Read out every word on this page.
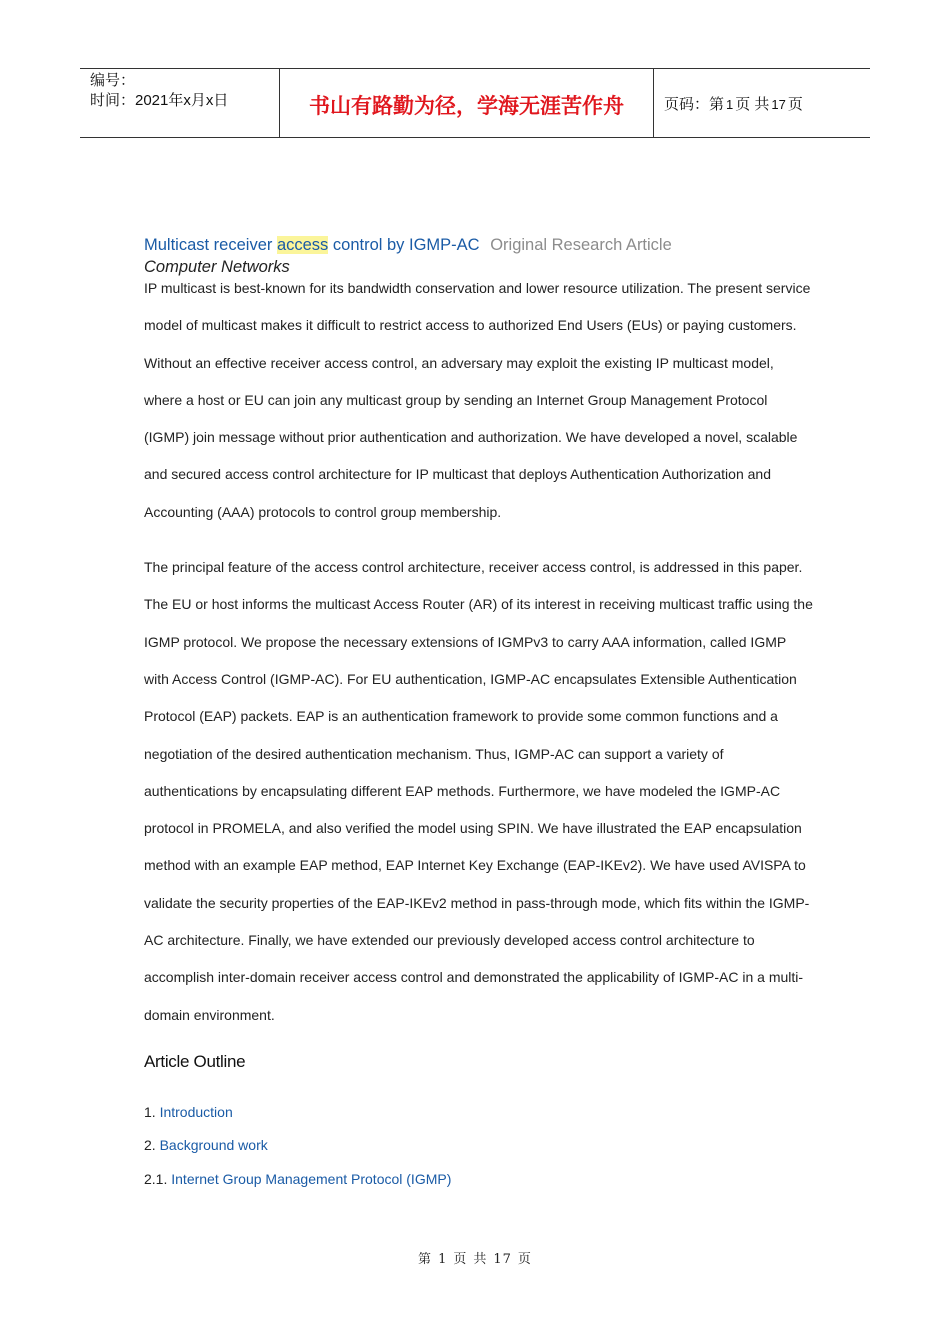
编号：
时间：2021年x月x日	书山有路勤为径，学海无涯苦作舟	页码：第 1 页 共 17 页
Multicast receiver access control by IGMP-AC Original Research Article
Computer Networks

IP multicast is best-known for its bandwidth conservation and lower resource utilization. The present service model of multicast makes it difficult to restrict access to authorized End Users (EUs) or paying customers. Without an effective receiver access control, an adversary may exploit the existing IP multicast model, where a host or EU can join any multicast group by sending an Internet Group Management Protocol (IGMP) join message without prior authentication and authorization. We have developed a novel, scalable and secured access control architecture for IP multicast that deploys Authentication Authorization and Accounting (AAA) protocols to control group membership.

The principal feature of the access control architecture, receiver access control, is addressed in this paper. The EU or host informs the multicast Access Router (AR) of its interest in receiving multicast traffic using the IGMP protocol. We propose the necessary extensions of IGMPv3 to carry AAA information, called IGMP with Access Control (IGMP-AC). For EU authentication, IGMP-AC encapsulates Extensible Authentication Protocol (EAP) packets. EAP is an authentication framework to provide some common functions and a negotiation of the desired authentication mechanism. Thus, IGMP-AC can support a variety of authentications by encapsulating different EAP methods. Furthermore, we have modeled the IGMP-AC protocol in PROMELA, and also verified the model using SPIN. We have illustrated the EAP encapsulation method with an example EAP method, EAP Internet Key Exchange (EAP-IKEv2). We have used AVISPA to validate the security properties of the EAP-IKEv2 method in pass-through mode, which fits within the IGMP-AC architecture. Finally, we have extended our previously developed access control architecture to accomplish inter-domain receiver access control and demonstrated the applicability of IGMP-AC in a multi-domain environment.

Article Outline
1. Introduction
2. Background work
2.1. Internet Group Management Protocol (IGMP)
第 1 页 共 17 页
